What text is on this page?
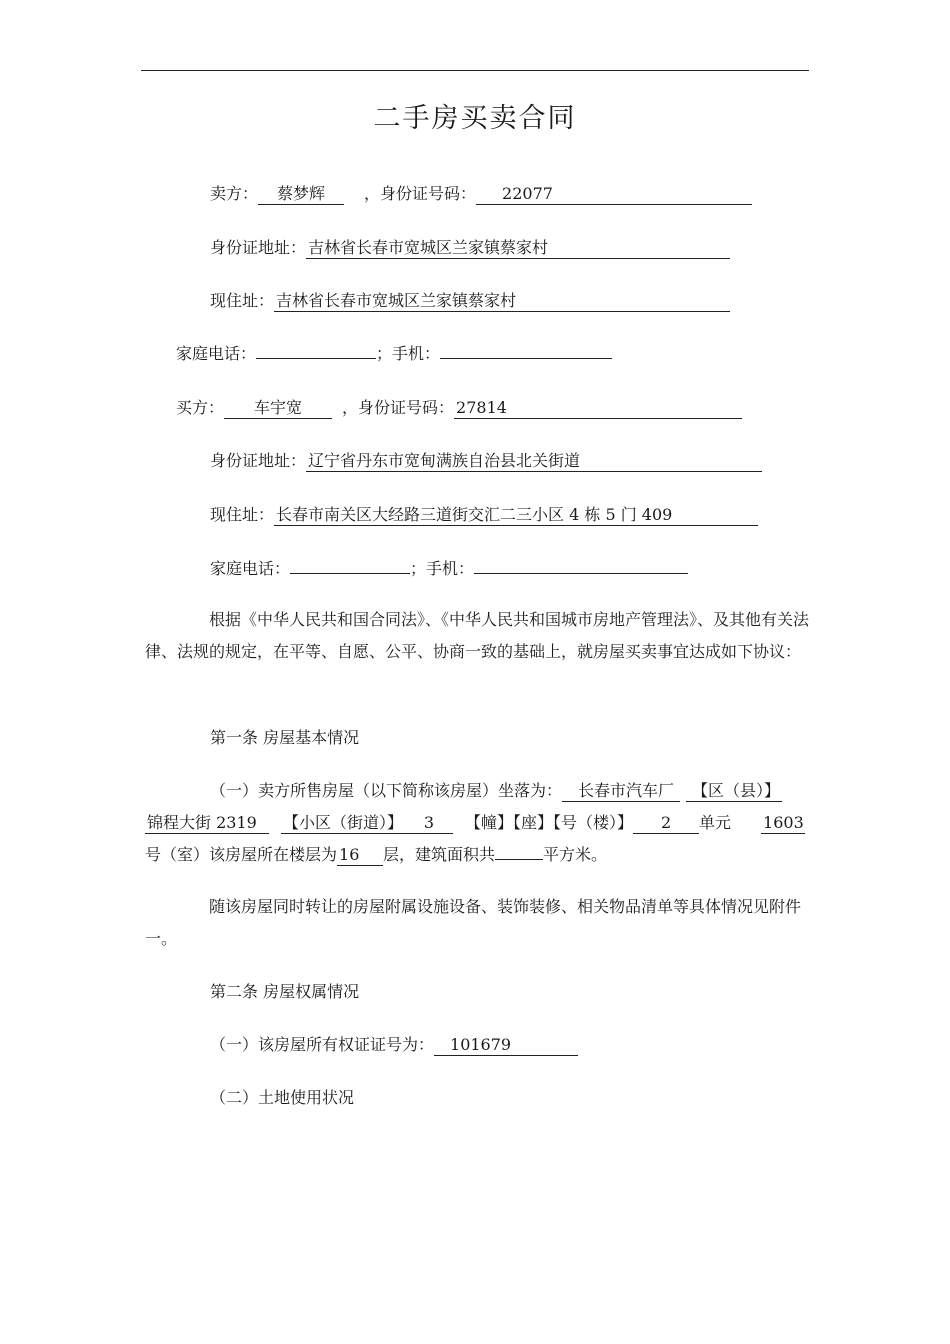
二手房买卖合同
卖方： 蔡梦辉 ，身份证号码： 22077
身份证地址： 吉林省长春市宽城区兰家镇蔡家村
现住址： 吉林省长春市宽城区兰家镇蔡家村
家庭电话：	；手机：
买方： 车宇宽	，身份证号码： 27814
身份证地址： 辽宁省丹东市宽甸满族自治县北关街道
现住址： 长春市南关区大经路三道街交汇二三小区 4 栋 5 门 409
家庭电话：	；手机：
根据《中华人民共和国合同法》、《中华人民共和国城市房地产管理法》、及其他有关法律、法规的规定，在平等、自愿、公平、协商一致的基础上，就房屋买卖事宜达成如下协议：
第一条 房屋基本情况
（一）卖方所售房屋（以下简称该房屋）坐落为： 长春市汽车厂 【区（县）】
锦程大街 2319 【小区（街道）】 3 【幢】【座】【号（楼）】 2 单元 1603
号（室）该房屋所在楼层为 16 层，建筑面积共	平方米。
随该房屋同时转让的房屋附属设施设备、装饰装修、相关物品清单等具体情况见附件一。
第二条 房屋权属情况
（一）该房屋所有权证证号为： 101679
（二）土地使用状况
